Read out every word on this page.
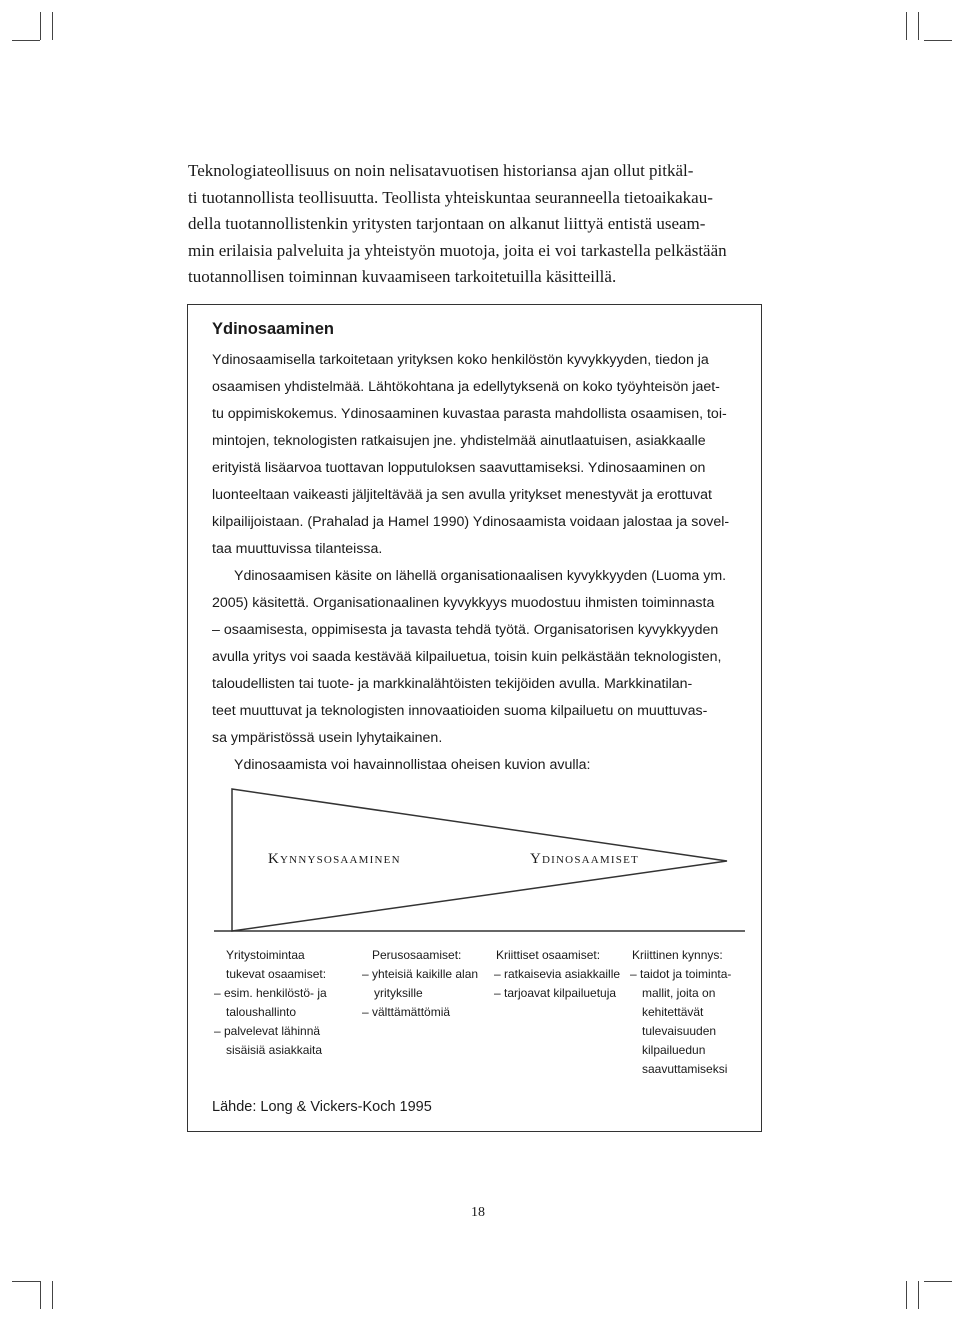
Teknologiateollisuus on noin nelisatavuotisen historiansa ajan ollut pitkäl-
ti tuotannollista teollisuutta. Teollista yhteiskuntaa seuranneella tietoaikakau-
della tuotannollistenkin yritysten tarjontaan on alkanut liittyä entistä useam-
min erilaisia palveluita ja yhteistyön muotoja, joita ei voi tarkastella pelkästään
tuotannollisen toiminnan kuvaamiseen tarkoitetuilla käsitteillä.
Ydinosaaminen
Ydinosaamisella tarkoitetaan yrityksen koko henkilöstön kyvykkyyden, tiedon ja
osaamisen yhdistelmää. Lähtökohtana ja edellytyksenä on koko työyhteisön jaet-
tu oppimiskokemus. Ydinosaaminen kuvastaa parasta mahdollista osaamisen, toi-
mintojen, teknologisten ratkaisujen jne. yhdistelmää ainutlaatuisen, asiakkaalle
erityistä lisäarvoa tuottavan lopputuloksen saavuttamiseksi. Ydinosaaminen on
luonteeltaan vaikeasti jäljiteltävää ja sen avulla yritykset menestyvät ja erottuvat
kilpailijoistaan. (Prahalad ja Hamel 1990) Ydinosaamista voidaan jalostaa ja sovel-
taa muuttuvissa tilanteissa.
Ydinosaamisen käsite on lähellä organisationaalisen kyvykkyyden (Luoma ym.
2005) käsitettä. Organisationaalinen kyvykkyys muodostuu ihmisten toiminnasta
– osaamisesta, oppimisesta ja tavasta tehdä työtä. Organisatorisen kyvykkyyden
avulla yritys voi saada kestävää kilpailuetua, toisin kuin pelkästään teknologisten,
taloudellisten tai tuote- ja markkinalähtöisten tekijöiden avulla. Markkinatilan-
teet muuttuvat ja teknologisten innovaatioiden suoma kilpailuetu on muuttuvas-
sa ympäristössä usein lyhytaikainen.
Ydinosaamista voi havainnollistaa oheisen kuvion avulla:
Kynnysosaaminen	Ydinosaamiset
Yritystoimintaa
tukevat osaamiset:
– esim. henkilöstö- ja
taloushallinto
– palvelevat lähinnä
sisäisiä asiakkaita
Perusosaamiset:
– yhteisiä kaikille alan
yrityksille
– välttämättömiä
Kriittiset osaamiset:
– ratkaisevia asiakkaille
– tarjoavat kilpailuetuja
Kriittinen kynnys:
– taidot ja toiminta-
mallit, joita on
kehitettävät
tulevaisuuden
kilpailuedun
saavuttamiseksi
Lähde: Long & Vickers-Koch 1995
18
